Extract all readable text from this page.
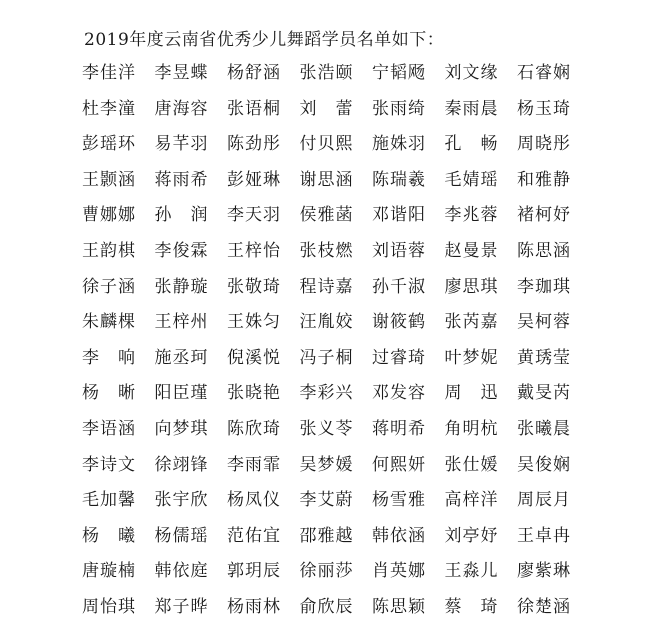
2019年度云南省优秀少儿舞蹈学员名单如下：
李佳洋	李昱蝶	杨舒涵	张浩颐	宁韬飏	刘文缘	石睿娴
杜李潼	唐海容	张语桐	刘　蕾	张雨绮	秦雨晨	杨玉琦
彭瑶环	易芊羽	陈劲彤	付贝熙	施姝羽	孔　畅	周晓彤
王颢涵	蒋雨希	彭娅琳	谢思涵	陈瑞羲	毛婧瑶	和雅静
曹娜娜	孙　润	李天羽	侯雅菡	邓谐阳	李兆蓉	褚柯妤
王韵棋	李俊霖	王梓怡	张枝燃	刘语蓉	赵曼景	陈思涵
徐子涵	张静璇	张敬琦	程诗嘉	孙千淑	廖思琪	李珈琪
朱麟棵	王梓州	王姝匀	汪胤姣	谢筱鹤	张芮嘉	吴柯蓉
李　响	施丞珂	倪溪悦	冯子桐	过睿琦	叶梦妮	黄琇莹
杨　晰	阳臣瑾	张晓艳	李彩兴	邓发容	周　迅	戴旻芮
李语涵	向梦琪	陈欣琦	张义苓	蒋明希	角明杭	张曦晨
李诗文	徐翊锋	李雨霏	吴梦媛	何熙妍	张仕媛	吴俊娴
毛加馨	张宇欣	杨凤仪	李艾蔚	杨雪雅	高梓洋	周辰月
杨　曦	杨儒瑶	范佑宜	邵雅越	韩依涵	刘亭妤	王卓冉
唐璇楠	韩依庭	郭玥辰	徐丽莎	肖英娜	王淼儿	廖紫琳
周怡琪	郑子晔	杨雨林	俞欣辰	陈思颖	蔡　琦	徐楚涵
